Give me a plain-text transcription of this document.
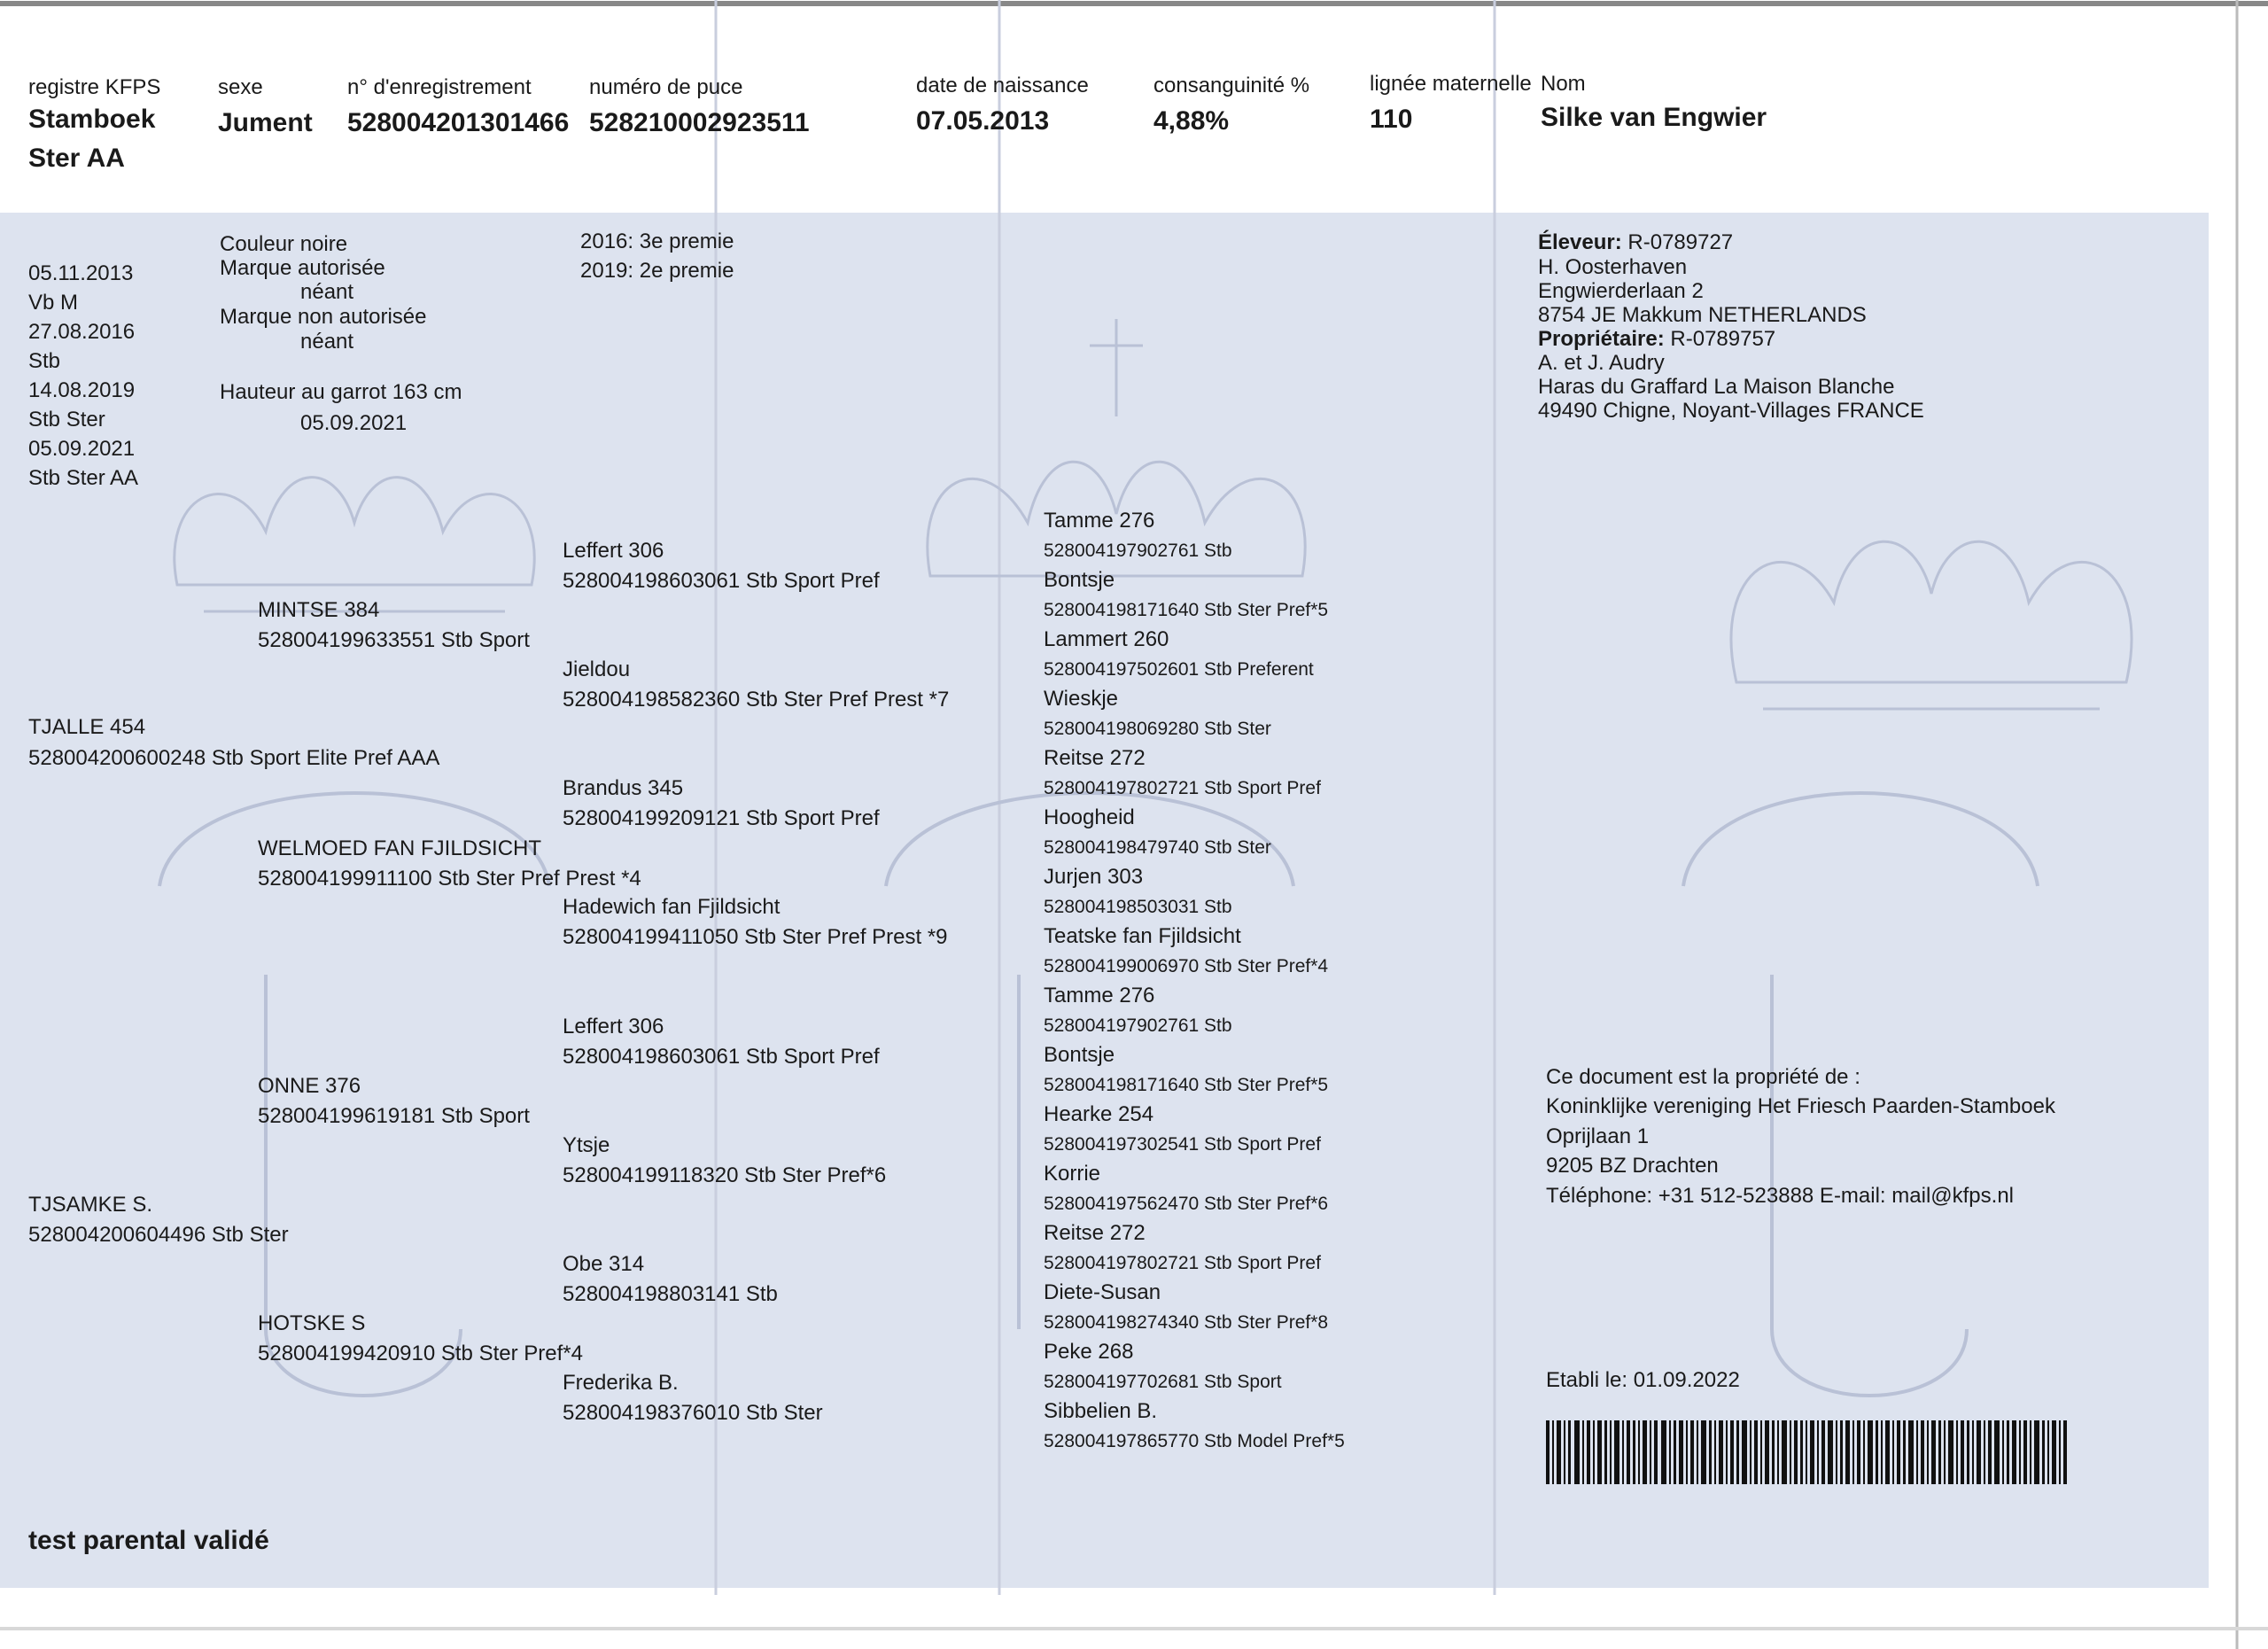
registre KFPS
Stamboek
Ster AA
sexe
Jument
n° d'enregistrement
528004201301466
numéro de puce
528210002923511
date de naissance
07.05.2013
consanguinité %
4,88%
lignée maternelle
110
Nom
Silke van Engwier
05.11.2013
Vb M
27.08.2016
Stb
14.08.2019
Stb Ster
05.09.2021
Stb Ster AA
Couleur noire
Marque autorisée
néant
Marque non autorisée
néant
Hauteur au garrot 163 cm
05.09.2021
2016: 3e premie
2019: 2e premie
Éleveur: R-0789727
H. Oosterhaven
Engwierderlaan 2
8754 JE Makkum NETHERLANDS
Propriétaire: R-0789757
A. et J. Audry
Haras du Graffard La Maison Blanche
49490 Chigne, Noyant-Villages FRANCE
TJALLE 454
528004200600248 Stb Sport Elite Pref AAA
TJSAMKE S.
528004200604496 Stb Ster
MINTSE 384
528004199633551 Stb Sport
WELMOED FAN FJILDSICHT
528004199911100 Stb Ster Pref Prest *4
ONNE 376
528004199619181 Stb Sport
HOTSKE S
528004199420910 Stb Ster Pref*4
Leffert 306
528004198603061 Stb Sport Pref
Jieldou
528004198582360 Stb Ster Pref Prest *7
Brandus 345
528004199209121 Stb Sport Pref
Hadewich fan Fjildsicht
528004199411050 Stb Ster Pref Prest *9
Leffert 306
528004198603061 Stb Sport Pref
Ytsje
528004199118320 Stb Ster Pref*6
Obe 314
528004198803141 Stb
Frederika B.
528004198376010 Stb Ster
Tamme 276
528004197902761 Stb
Bontsje
528004198171640 Stb Ster Pref*5
Lammert 260
528004197502601 Stb Preferent
Wieskje
528004198069280 Stb Ster
Reitse 272
528004197802721 Stb Sport Pref
Hoogheid
528004198479740 Stb Ster
Jurjen 303
528004198503031 Stb
Teatske fan Fjildsicht
528004199006970 Stb Ster Pref*4
Tamme 276
528004197902761 Stb
Bontsje
528004198171640 Stb Ster Pref*5
Hearke 254
528004197302541 Stb Sport Pref
Korrie
528004197562470 Stb Ster Pref*6
Reitse 272
528004197802721 Stb Sport Pref
Diete-Susan
528004198274340 Stb Ster Pref*8
Peke 268
528004197702681 Stb Sport
Sibbelien B.
528004197865770 Stb Model Pref*5
Ce document est la propriété de :
Koninklijke vereniging Het Friesch Paarden-Stamboek
Oprijlaan 1
9205 BZ Drachten
Téléphone: +31 512-523888 E-mail: mail@kfps.nl
Etabli le: 01.09.2022
test parental validé
